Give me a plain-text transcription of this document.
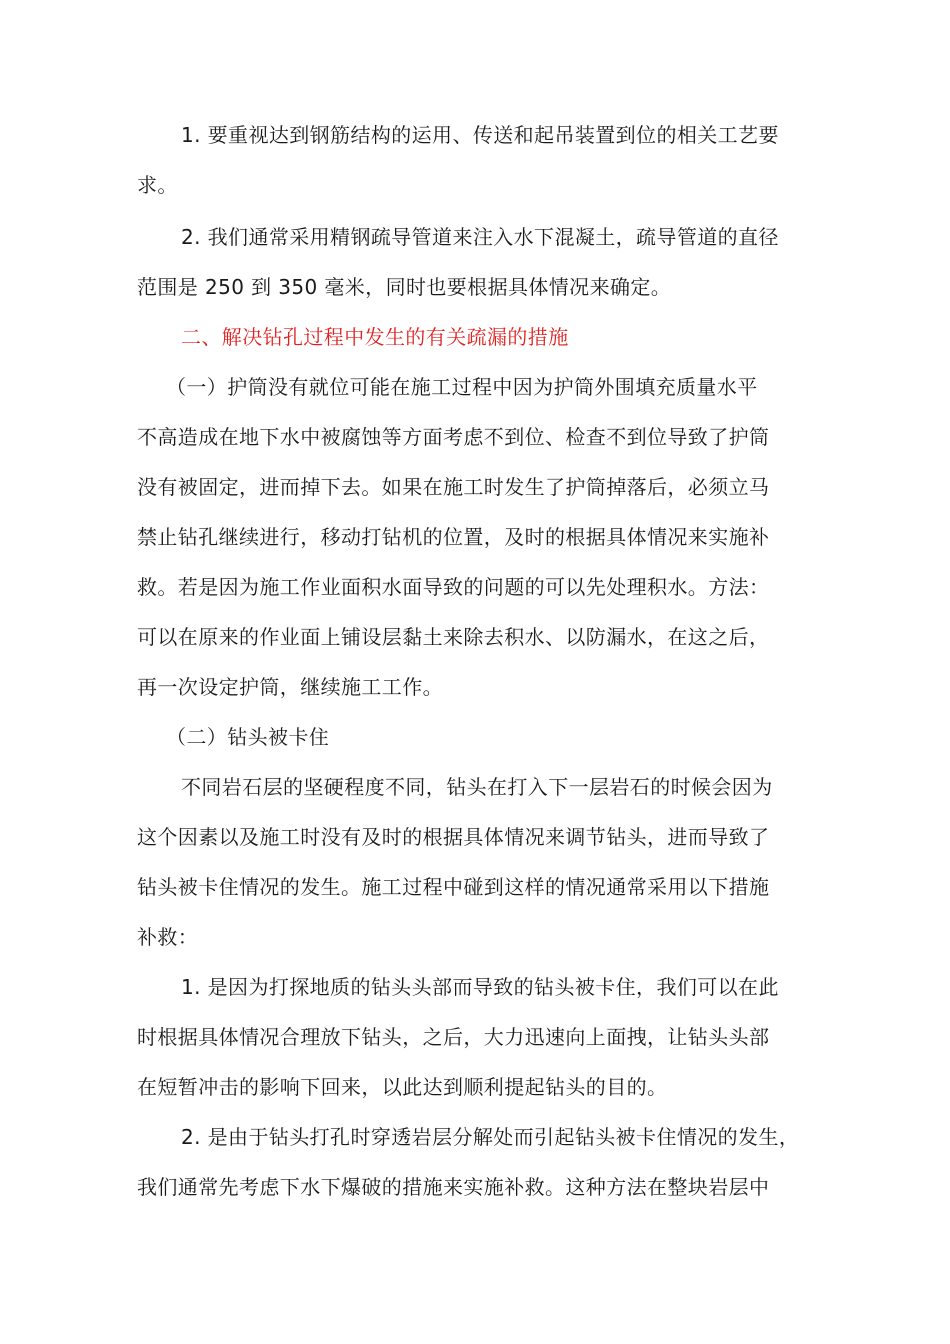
1. 要重视达到钢筋结构的运用、传送和起吊装置到位的相关工艺要
求。
2. 我们通常采用精钢疏导管道来注入水下混凝土，疏导管道的直径
范围是 250 到 350 毫米，同时也要根据具体情况来确定。
二、解决钻孔过程中发生的有关疏漏的措施
（一）护筒没有就位可能在施工过程中因为护筒外围填充质量水平
不高造成在地下水中被腐蚀等方面考虑不到位、检查不到位导致了护筒
没有被固定，进而掉下去。如果在施工时发生了护筒掉落后，必须立马
禁止钻孔继续进行，移动打钻机的位置，及时的根据具体情况来实施补
救。若是因为施工作业面积水面导致的问题的可以先处理积水。方法：
可以在原来的作业面上铺设层黏土来除去积水、以防漏水，在这之后，
再一次设定护筒，继续施工工作。
（二）钻头被卡住
不同岩石层的坚硬程度不同，钻头在打入下一层岩石的时候会因为
这个因素以及施工时没有及时的根据具体情况来调节钻头，进而导致了
钻头被卡住情况的发生。施工过程中碰到这样的情况通常采用以下措施
补救：
1. 是因为打探地质的钻头头部而导致的钻头被卡住，我们可以在此
时根据具体情况合理放下钻头，之后，大力迅速向上面拽，让钻头头部
在短暂冲击的影响下回来，以此达到顺利提起钻头的目的。
2. 是由于钻头打孔时穿透岩层分解处而引起钻头被卡住情况的发生，
我们通常先考虑下水下爆破的措施来实施补救。这种方法在整块岩层中
